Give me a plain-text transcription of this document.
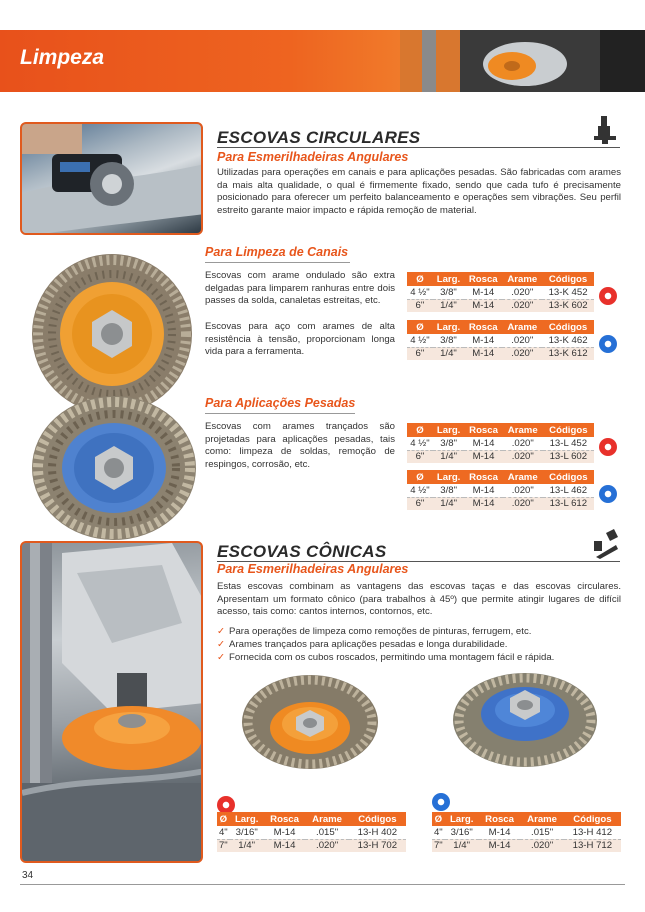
Limpeza
ESCOVAS CIRCULARES
Para Esmerilhadeiras Angulares
Utilizadas para operações em canais e para aplicações pesadas. São fabricadas com arames da mais alta qualidade, o qual é firmemente fixado, sendo que cada tufo é precisamente posicionado para oferecer um perfeito balanceamento e operações sem vibrações. Seu perfil estreito garante maior impacto e rápida remoção de material.
Para Limpeza de Canais
Escovas com arame ondulado são extra delgadas para limparem ranhuras entre dois passes da solda, canaletas estreitas, etc.
Escovas para aço com arames de alta resistência à tensão, proporcionam longa vida para a ferramenta.
Ø	Larg.	Rosca	Arame	Códigos
4 ½"	3/8"	M-14	.020"	13-K 452
6"	1/4"	M-14	.020"	13-K 602
Ø	Larg.	Rosca	Arame	Códigos
4 ½"	3/8"	M-14	.020"	13-K 462
6"	1/4"	M-14	.020"	13-K 612
Para Aplicações Pesadas
Escovas com arames trançados são projetadas para aplicações pesadas, tais como: limpeza de soldas, remoção de respingos, corrosão, etc.
Ø	Larg.	Rosca	Arame	Códigos
4 ½"	3/8"	M-14	.020"	13-L 452
6"	1/4"	M-14	.020"	13-L 602
Ø	Larg.	Rosca	Arame	Códigos
4 ½"	3/8"	M-14	.020"	13-L 462
6"	1/4"	M-14	.020"	13-L 612
ESCOVAS CÔNICAS
Para Esmerilhadeiras Angulares
Estas escovas combinam as vantagens das escovas taças e das escovas circulares. Apresentam um formato cônico (para trabalhos à 45º) que permite atingir lugares de difícil acesso, tais como: cantos internos, contornos, etc.
✓ Para operações de limpeza como remoções de pinturas, ferrugem, etc.
✓ Arames trançados para aplicações pesadas e longa durabilidade.
✓ Fornecida com os cubos roscados, permitindo uma montagem fácil e rápida.
Ø	Larg.	Rosca	Arame	Códigos
4"	3/16"	M-14	.015"	13-H 402
7"	1/4"	M-14	.020"	13-H 702
Ø	Larg.	Rosca	Arame	Códigos
4"	3/16"	M-14	.015"	13-H 412
7"	1/4"	M-14	.020"	13-H 712
34
